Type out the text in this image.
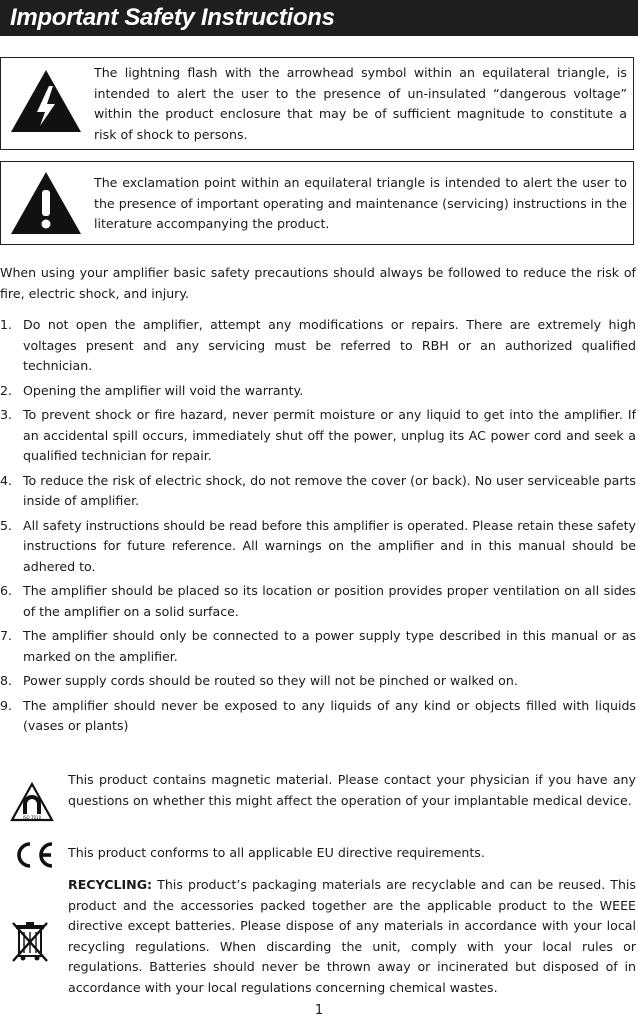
Important Safety Instructions
The lightning flash with the arrowhead symbol within an equilateral triangle, is intended to alert the user to the presence of un-insulated “dangerous voltage” within the product enclosure that may be of sufficient magnitude to constitute a risk of shock to persons.
The exclamation point within an equilateral triangle is intended to alert the user to the presence of important operating and maintenance (servicing) instructions in the literature accompanying the product.
When using your amplifier basic safety precautions should always be followed to reduce the risk of fire, electric shock, and injury.
1. Do not open the amplifier, attempt any modifications or repairs. There are extremely high voltages present and any servicing must be referred to RBH or an authorized qualified technician.
2. Opening the amplifier will void the warranty.
3. To prevent shock or fire hazard, never permit moisture or any liquid to get into the amplifier. If an accidental spill occurs, immediately shut off the power, unplug its AC power cord and seek a qualified technician for repair.
4. To reduce the risk of electric shock, do not remove the cover (or back). No user serviceable parts inside of amplifier.
5. All safety instructions should be read before this amplifier is operated. Please retain these safety instructions for future reference. All warnings on the amplifier and in this manual should be adhered to.
6. The amplifier should be placed so its location or position provides proper ventilation on all sides of the amplifier on a solid surface.
7. The amplifier should only be connected to a power supply type described in this manual or as marked on the amplifier.
8. Power supply cords should be routed so they will not be pinched or walked on.
9. The amplifier should never be exposed to any liquids of any kind or objects filled with liquids (vases or plants)
ISO 7010
This product contains magnetic material. Please contact your physician if you have any questions on whether this might affect the operation of your implantable medical device.
This product conforms to all applicable EU directive requirements.
RECYCLING: This product’s packaging materials are recyclable and can be reused. This product and the accessories packed together are the applicable product to the WEEE directive except batteries. Please dispose of any materials in accordance with your local recycling regulations. When discarding the unit, comply with your local rules or regulations. Batteries should never be thrown away or incinerated but disposed of in accordance with your local regulations concerning chemical wastes.
1
